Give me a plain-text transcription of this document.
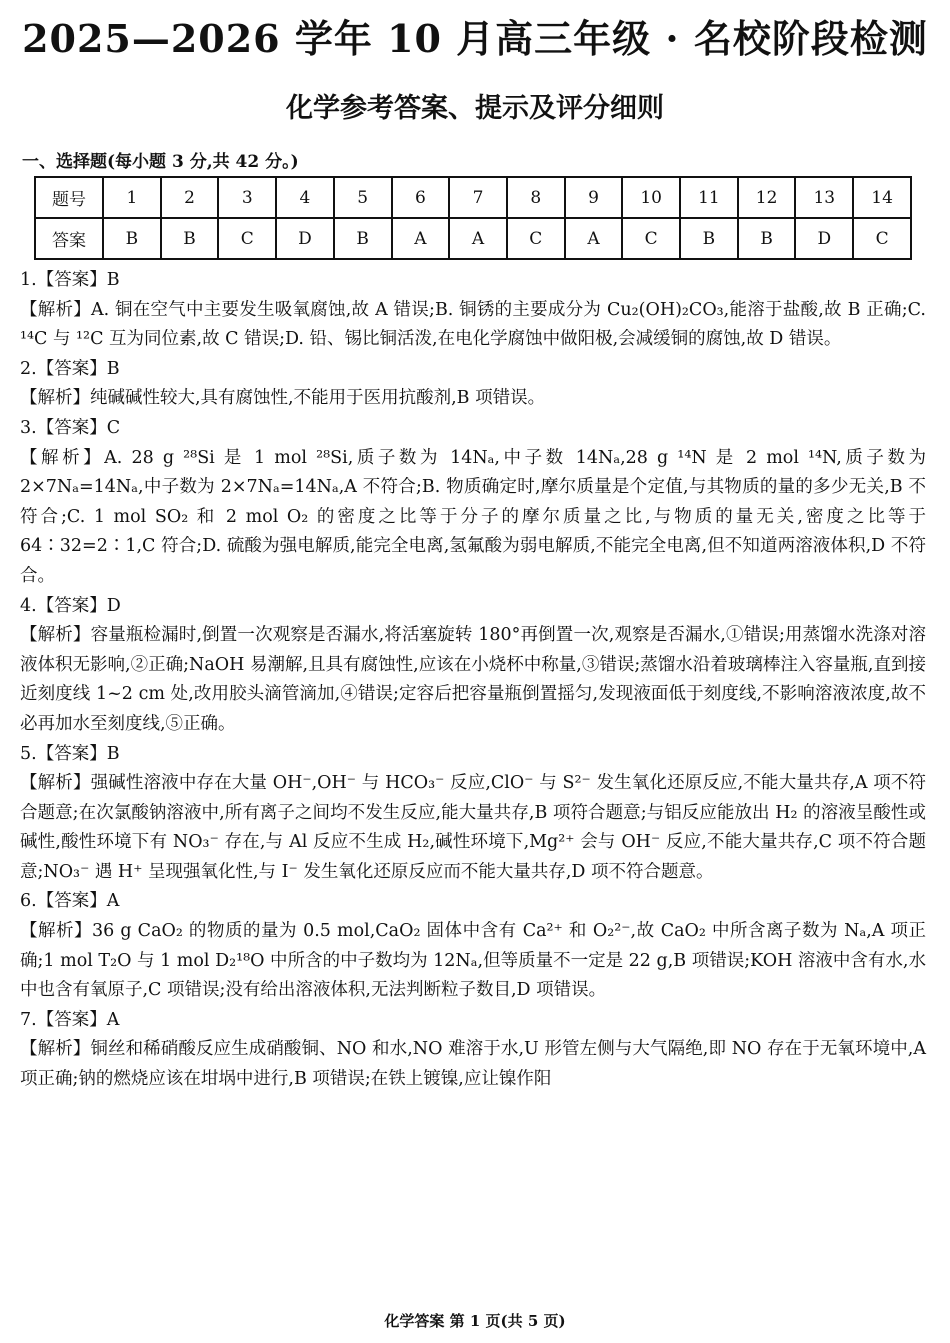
2025—2026 学年 10 月高三年级 · 名校阶段检测
化学参考答案、提示及评分细则
一、选择题(每小题 3 分,共 42 分。)
题号	1	2	3	4	5	6	7	8	9	10	11	12	13	14
答案	B	B	C	D	B	A	A	C	A	C	B	B	D	C
1.【答案】B
【解析】A. 铜在空气中主要发生吸氧腐蚀,故 A 错误;B. 铜锈的主要成分为 Cu₂(OH)₂CO₃,能溶于盐酸,故 B 正确;C. ¹⁴C 与 ¹²C 互为同位素,故 C 错误;D. 铅、锡比铜活泼,在电化学腐蚀中做阳极,会减缓铜的腐蚀,故 D 错误。
2.【答案】B
【解析】纯碱碱性较大,具有腐蚀性,不能用于医用抗酸剂,B 项错误。
3.【答案】C
【解析】A. 28 g ²⁸Si 是 1 mol ²⁸Si,质子数为 14Nₐ,中子数 14Nₐ,28 g ¹⁴N 是 2 mol ¹⁴N,质子数为 2×7Nₐ=14Nₐ,中子数为 2×7Nₐ=14Nₐ,A 不符合;B. 物质确定时,摩尔质量是个定值,与其物质的量的多少无关,B 不符合;C. 1 mol SO₂ 和 2 mol O₂ 的密度之比等于分子的摩尔质量之比,与物质的量无关,密度之比等于 64∶32=2∶1,C 符合;D. 硫酸为强电解质,能完全电离,氢氟酸为弱电解质,不能完全电离,但不知道两溶液体积,D 不符合。
4.【答案】D
【解析】容量瓶检漏时,倒置一次观察是否漏水,将活塞旋转 180°再倒置一次,观察是否漏水,①错误;用蒸馏水洗涤对溶液体积无影响,②正确;NaOH 易潮解,且具有腐蚀性,应该在小烧杯中称量,③错误;蒸馏水沿着玻璃棒注入容量瓶,直到接近刻度线 1~2 cm 处,改用胶头滴管滴加,④错误;定容后把容量瓶倒置摇匀,发现液面低于刻度线,不影响溶液浓度,故不必再加水至刻度线,⑤正确。
5.【答案】B
【解析】强碱性溶液中存在大量 OH⁻,OH⁻ 与 HCO₃⁻ 反应,ClO⁻ 与 S²⁻ 发生氧化还原反应,不能大量共存,A 项不符合题意;在次氯酸钠溶液中,所有离子之间均不发生反应,能大量共存,B 项符合题意;与铝反应能放出 H₂ 的溶液呈酸性或碱性,酸性环境下有 NO₃⁻ 存在,与 Al 反应不生成 H₂,碱性环境下,Mg²⁺ 会与 OH⁻ 反应,不能大量共存,C 项不符合题意;NO₃⁻ 遇 H⁺ 呈现强氧化性,与 I⁻ 发生氧化还原反应而不能大量共存,D 项不符合题意。
6.【答案】A
【解析】36 g CaO₂ 的物质的量为 0.5 mol,CaO₂ 固体中含有 Ca²⁺ 和 O₂²⁻,故 CaO₂ 中所含离子数为 Nₐ,A 项正确;1 mol T₂O 与 1 mol D₂¹⁸O 中所含的中子数均为 12Nₐ,但等质量不一定是 22 g,B 项错误;KOH 溶液中含有水,水中也含有氧原子,C 项错误;没有给出溶液体积,无法判断粒子数目,D 项错误。
7.【答案】A
【解析】铜丝和稀硝酸反应生成硝酸铜、NO 和水,NO 难溶于水,U 形管左侧与大气隔绝,即 NO 存在于无氧环境中,A 项正确;钠的燃烧应该在坩埚中进行,B 项错误;在铁上镀镍,应让镍作阳
化学答案 第 1 页(共 5 页)
